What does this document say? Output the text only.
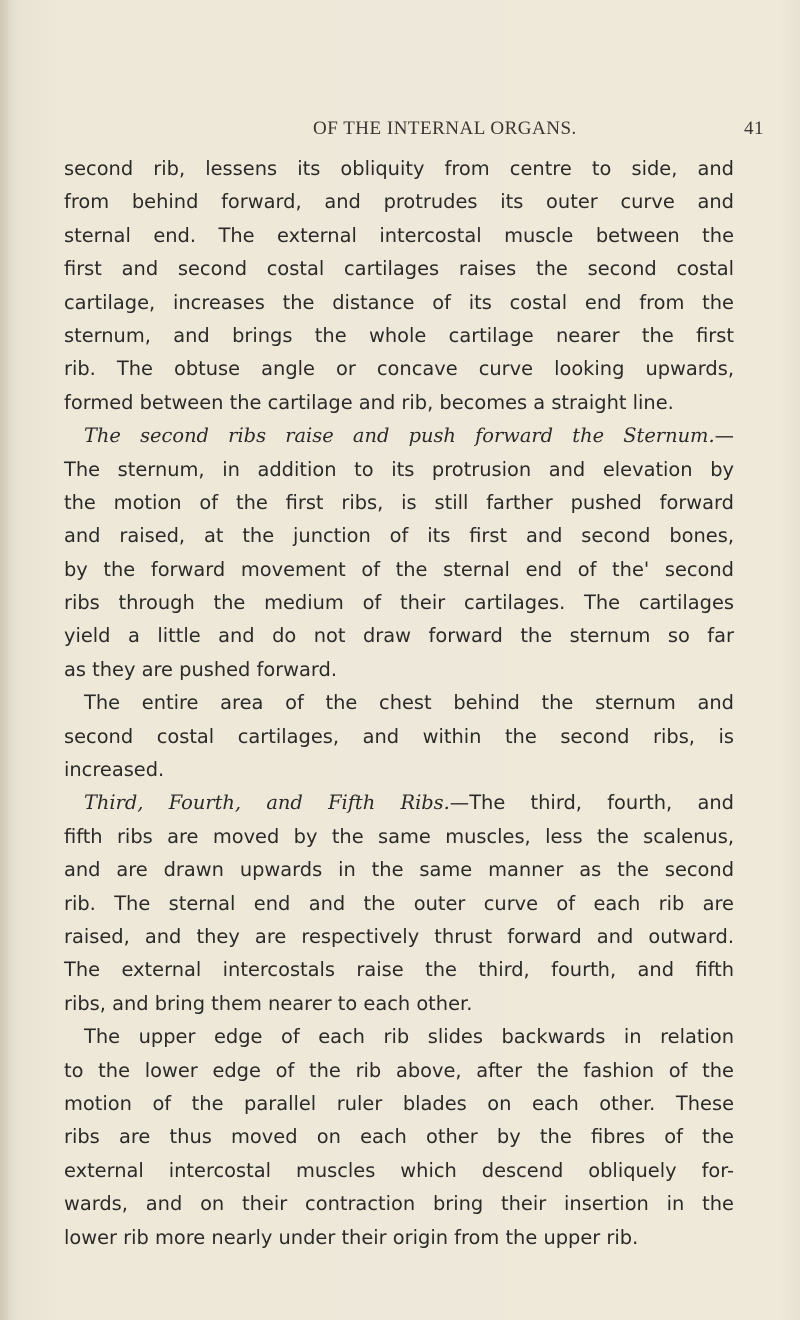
OF THE INTERNAL ORGANS.	41
second rib, lessens its obliquity from centre to side, and
from behind forward, and protrudes its outer curve and
sternal end. The external intercostal muscle between the
first and second costal cartilages raises the second costal
cartilage, increases the distance of its costal end from the
sternum, and brings the whole cartilage nearer the first
rib. The obtuse angle or concave curve looking upwards,
formed between the cartilage and rib, becomes a straight line.
The second ribs raise and push forward the Sternum.—
The sternum, in addition to its protrusion and elevation by
the motion of the first ribs, is still farther pushed forward
and raised, at the junction of its first and second bones,
by the forward movement of the sternal end of the' second
ribs through the medium of their cartilages. The cartilages
yield a little and do not draw forward the sternum so far
as they are pushed forward.
The entire area of the chest behind the sternum and
second costal cartilages, and within the second ribs, is
increased.
Third, Fourth, and Fifth Ribs.—The third, fourth, and
fifth ribs are moved by the same muscles, less the scalenus,
and are drawn upwards in the same manner as the second
rib. The sternal end and the outer curve of each rib are
raised, and they are respectively thrust forward and outward.
The external intercostals raise the third, fourth, and fifth
ribs, and bring them nearer to each other.
The upper edge of each rib slides backwards in relation
to the lower edge of the rib above, after the fashion of the
motion of the parallel ruler blades on each other. These
ribs are thus moved on each other by the fibres of the
external intercostal muscles which descend obliquely for-
wards, and on their contraction bring their insertion in the
lower rib more nearly under their origin from the upper rib.
